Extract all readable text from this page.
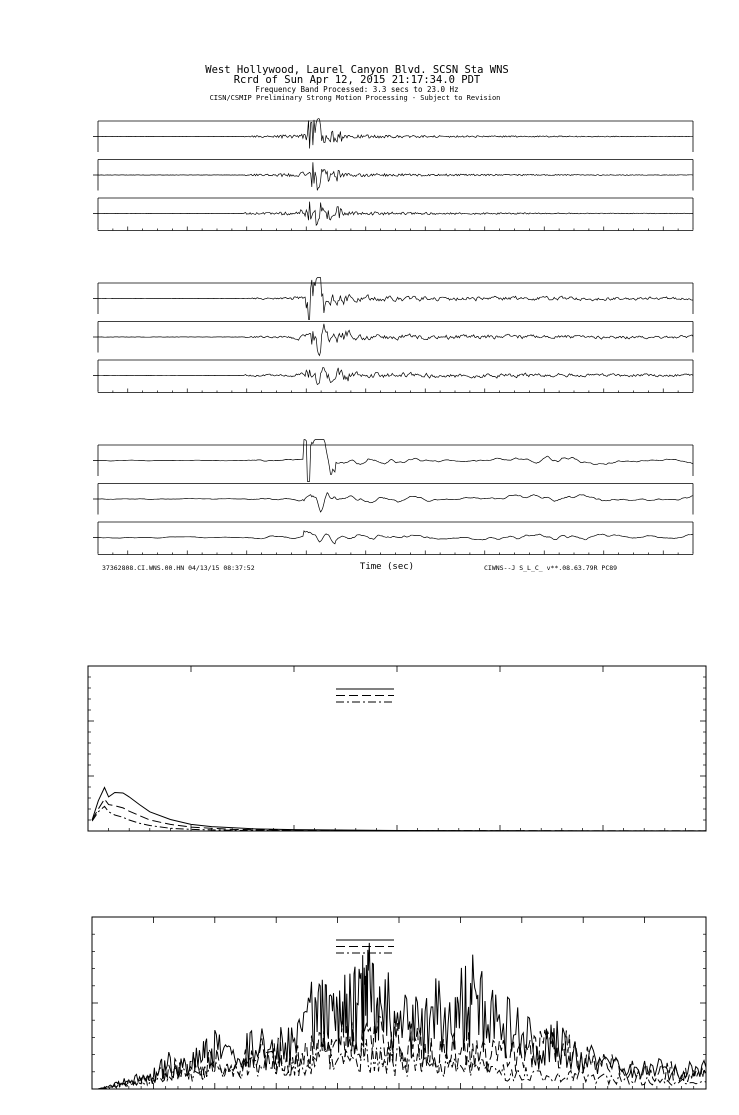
West Hollywood, Laurel Canyon Blvd. SCSN Sta WNS
Rcrd of Sun Apr 12, 2015 21:17:34.0 PDT
Frequency Band Processed: 3.3 secs to 23.0 Hz
CISN/CSMIP Preliminary Strong Motion Processing - Subject to Revision
Time (sec)
37362808.CI.WNS.00.HN 04/13/15 08:37:52	CIWNS--J S_L_C_ v**.08.63.79R PC89
